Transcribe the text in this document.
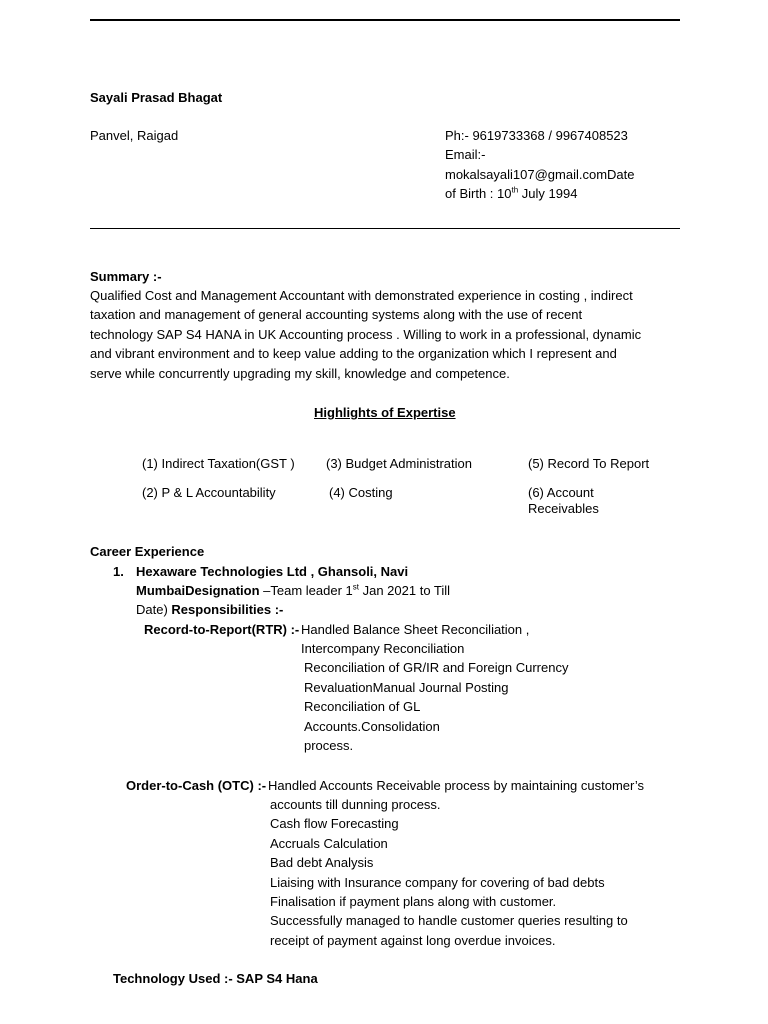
Sayali Prasad Bhagat
Panvel, Raigad	Ph:- 9619733368 / 9967408523
Email:-
mokalsayali107@gmail.comDate
of Birth : 10th July 1994
Summary :-
Qualified Cost and Management Accountant with demonstrated experience in costing , indirect
taxation and management of general accounting systems along with the use of recent
technology SAP S4 HANA in UK Accounting process . Willing to work in a professional, dynamic
and vibrant environment and to keep value adding to the organization which I represent and
serve while concurrently upgrading my skill, knowledge and competence.
Highlights of Expertise
(1) Indirect Taxation(GST ) (3) Budget Administration	(5) Record To Report
(2) P & L Accountability	(4) Costing	(6) Account
Receivables
Career Experience
1. Hexaware Technologies Ltd , Ghansoli, Navi
MumbaiDesignation –Team leader 1st Jan 2021 to Till
Date) Responsibilities :-
Record-to-Report(RTR) :- Handled Balance Sheet Reconciliation ,
Intercompany Reconciliation
Reconciliation of GR/IR and Foreign Currency
RevaluationManual Journal Posting
Reconciliation of GL
Accounts.Consolidation
process.
Order-to-Cash (OTC) :- Handled Accounts Receivable process by maintaining customer’s
accounts till dunning process.
Cash flow Forecasting
Accruals Calculation
Bad debt Analysis
Liaising with Insurance company for covering of bad debts
Finalisation if payment plans along with customer.
Successfully managed to handle customer queries resulting to
receipt of payment against long overdue invoices.
Technology Used :- SAP S4 Hana
